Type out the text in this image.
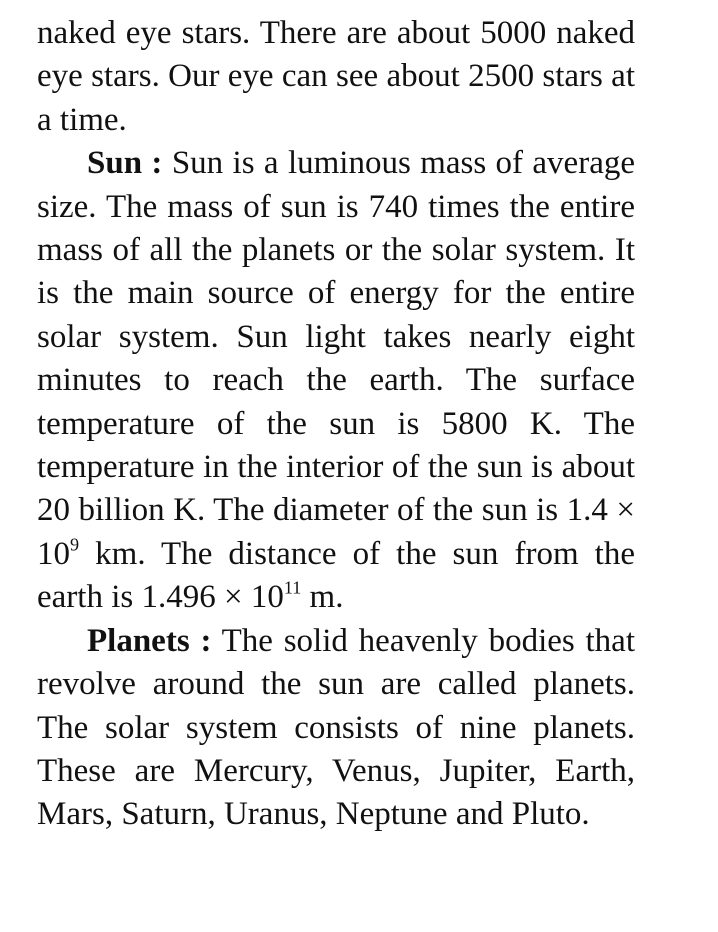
naked eye stars. There are about 5000 naked eye stars. Our eye can see about 2500 stars at a time.

Sun : Sun is a luminous mass of average size. The mass of sun is 740 times the entire mass of all the planets or the solar system. It is the main source of energy for the entire solar system. Sun light takes nearly eight minutes to reach the earth. The surface temperature of the sun is 5800 K. The temperature in the interior of the sun is about 20 billion K. The diameter of the sun is $1.4 \times 10^9$ km. The distance of the sun from the earth is $1.496 \times 10^{11}$ m.

Planets : The solid heavenly bodies that revolve around the sun are called planets. The solar system consists of nine planets. These are Mercury, Venus, Jupiter, Earth, Mars, Saturn, Uranus, Neptune and Pluto.
